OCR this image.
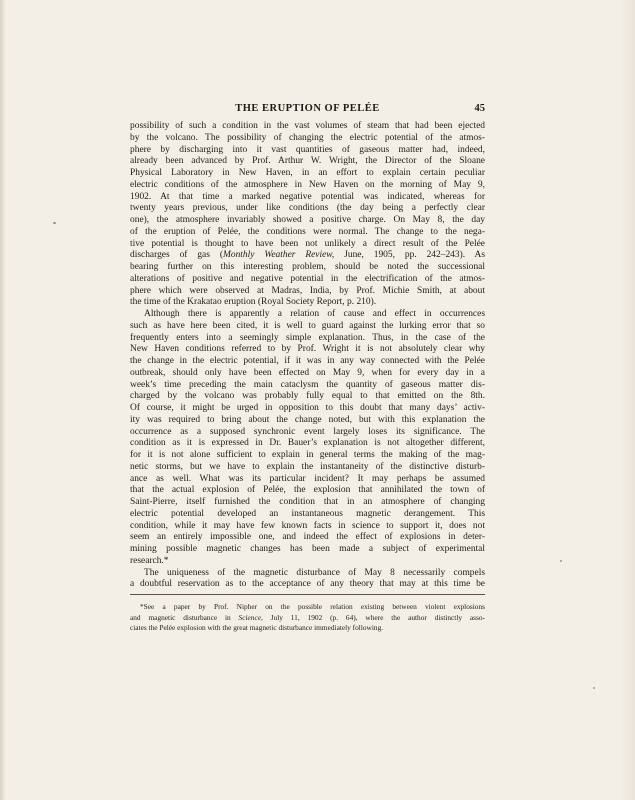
THE ERUPTION OF PELÉE	45

possibility of such a condition in the vast volumes of steam that had been ejected
by the volcano. The possibility of changing the electric potential of the atmos-
phere by discharging into it vast quantities of gaseous matter had, indeed,
already been advanced by Prof. Arthur W. Wright, the Director of the Sloane
Physical Laboratory in New Haven, in an effort to explain certain peculiar
electric conditions of the atmosphere in New Haven on the morning of May 9,
1902. At that time a marked negative potential was indicated, whereas for
twenty years previous, under like conditions (the day being a perfectly clear
one), the atmosphere invariably showed a positive charge. On May 8, the day
of the eruption of Pelée, the conditions were normal. The change to the nega-
tive potential is thought to have been not unlikely a direct result of the Pelée
discharges of gas (Monthly Weather Review, June, 1905, pp. 242–243). As
bearing further on this interesting problem, should be noted the successional
alterations of positive and negative potential in the electrification of the atmos-
phere which were observed at Madras, India, by Prof. Michie Smith, at about
the time of the Krakatao eruption (Royal Society Report, p. 210).

Although there is apparently a relation of cause and effect in occurrences
such as have here been cited, it is well to guard against the lurking error that so
frequently enters into a seemingly simple explanation. Thus, in the case of the
New Haven conditions referred to by Prof. Wright it is not absolutely clear why
the change in the electric potential, if it was in any way connected with the Pelée
outbreak, should only have been effected on May 9, when for every day in a
week’s time preceding the main cataclysm the quantity of gaseous matter dis-
charged by the volcano was probably fully equal to that emitted on the 8th.
Of course, it might be urged in opposition to this doubt that many days’ activ-
ity was required to bring about the change noted, but with this explanation the
occurrence as a supposed synchronic event largely loses its significance. The
condition as it is expressed in Dr. Bauer’s explanation is not altogether different,
for it is not alone sufficient to explain in general terms the making of the mag-
netic storms, but we have to explain the instantaneity of the distinctive disturb-
ance as well. What was its particular incident? It may perhaps be assumed
that the actual explosion of Pelée, the explosion that annihilated the town of
Saint-Pierre, itself furnished the condition that in an atmosphere of changing
electric potential developed an instantaneous magnetic derangement. This
condition, while it may have few known facts in science to support it, does not
seem an entirely impossible one, and indeed the effect of explosions in deter-
mining possible magnetic changes has been made a subject of experimental
research.*

The uniqueness of the magnetic disturbance of May 8 necessarily compels
a doubtful reservation as to the acceptance of any theory that may at this time be

*See a paper by Prof. Nipher on the possible relation existing between violent explosions
and magnetic disturbance in Science, July 11, 1902 (p. 64), where the author distinctly asso-
ciates the Pelée explosion with the great magnetic disturbance immediately following.
